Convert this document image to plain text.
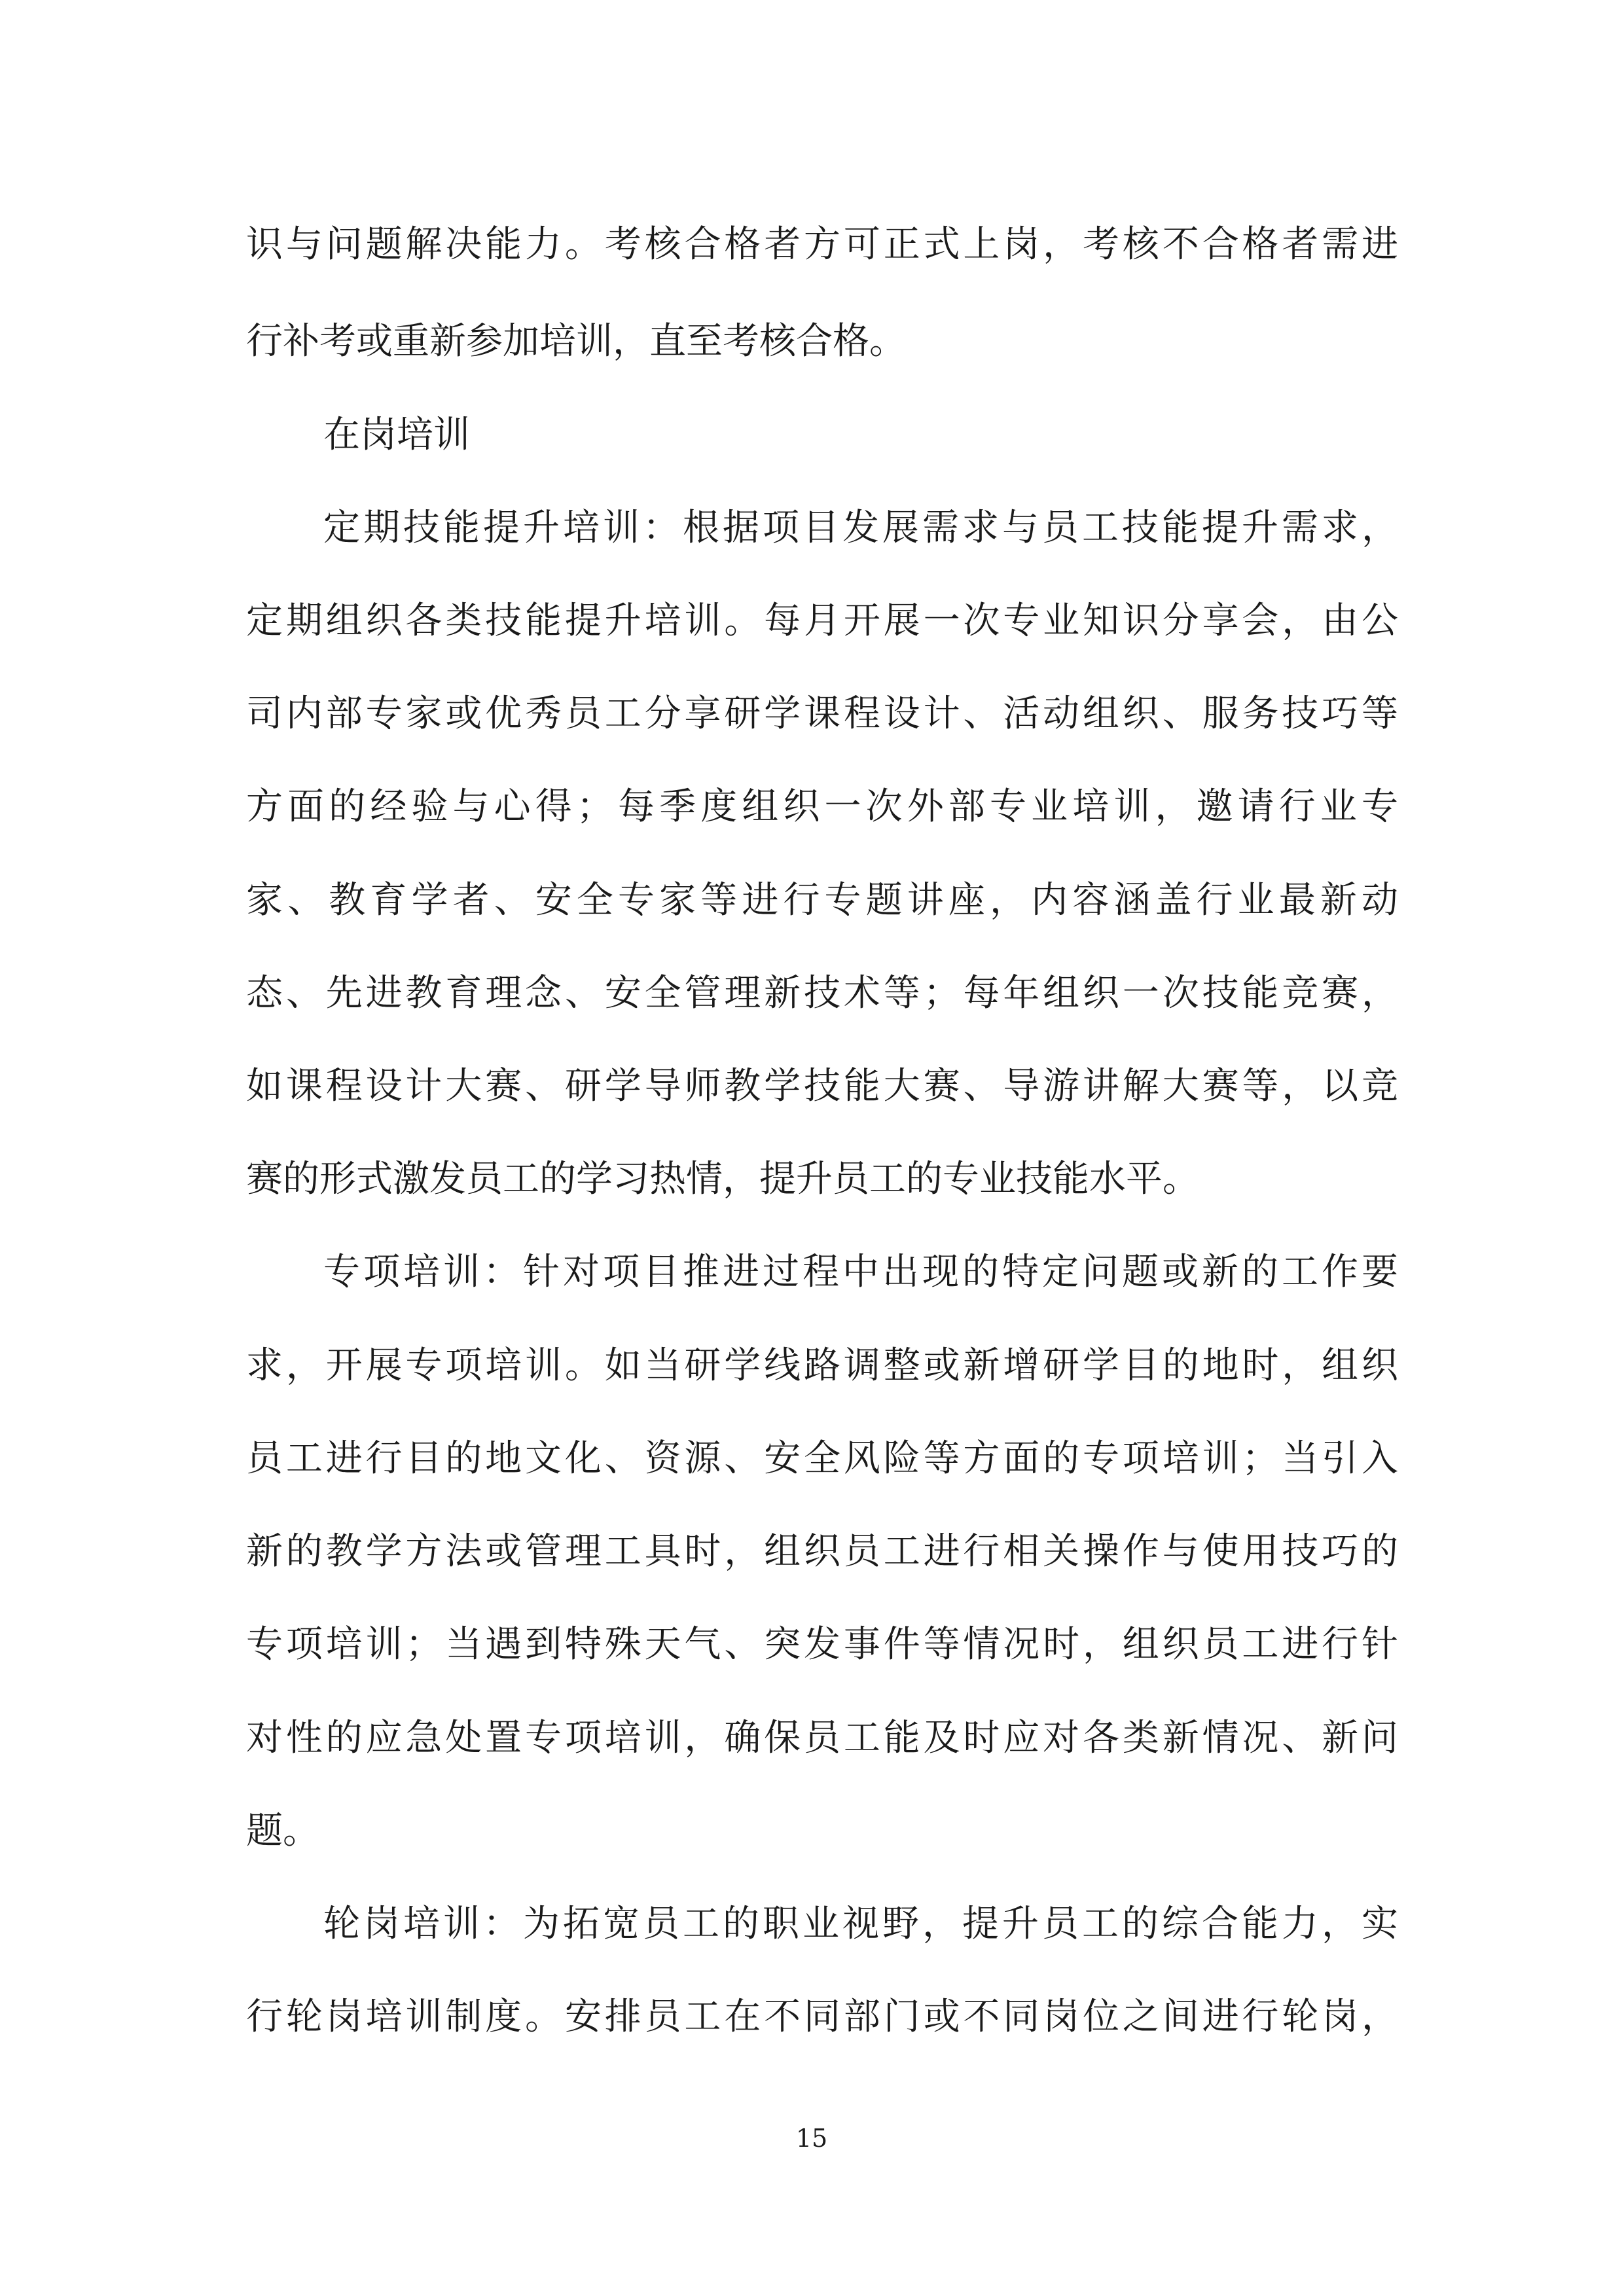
识与问题解决能力。考核合格者方可正式上岗，考核不合格者需进
行补考或重新参加培训，直至考核合格。
在岗培训
定期技能提升培训：根据项目发展需求与员工技能提升需求，
定期组织各类技能提升培训。每月开展一次专业知识分享会，由公
司内部专家或优秀员工分享研学课程设计、活动组织、服务技巧等
方面的经验与心得；每季度组织一次外部专业培训，邀请行业专
家、教育学者、安全专家等进行专题讲座，内容涵盖行业最新动
态、先进教育理念、安全管理新技术等；每年组织一次技能竞赛，
如课程设计大赛、研学导师教学技能大赛、导游讲解大赛等，以竞
赛的形式激发员工的学习热情，提升员工的专业技能水平。
专项培训：针对项目推进过程中出现的特定问题或新的工作要
求，开展专项培训。如当研学线路调整或新增研学目的地时，组织
员工进行目的地文化、资源、安全风险等方面的专项培训；当引入
新的教学方法或管理工具时，组织员工进行相关操作与使用技巧的
专项培训；当遇到特殊天气、突发事件等情况时，组织员工进行针
对性的应急处置专项培训，确保员工能及时应对各类新情况、新问
题。
轮岗培训：为拓宽员工的职业视野，提升员工的综合能力，实
行轮岗培训制度。安排员工在不同部门或不同岗位之间进行轮岗，
15
